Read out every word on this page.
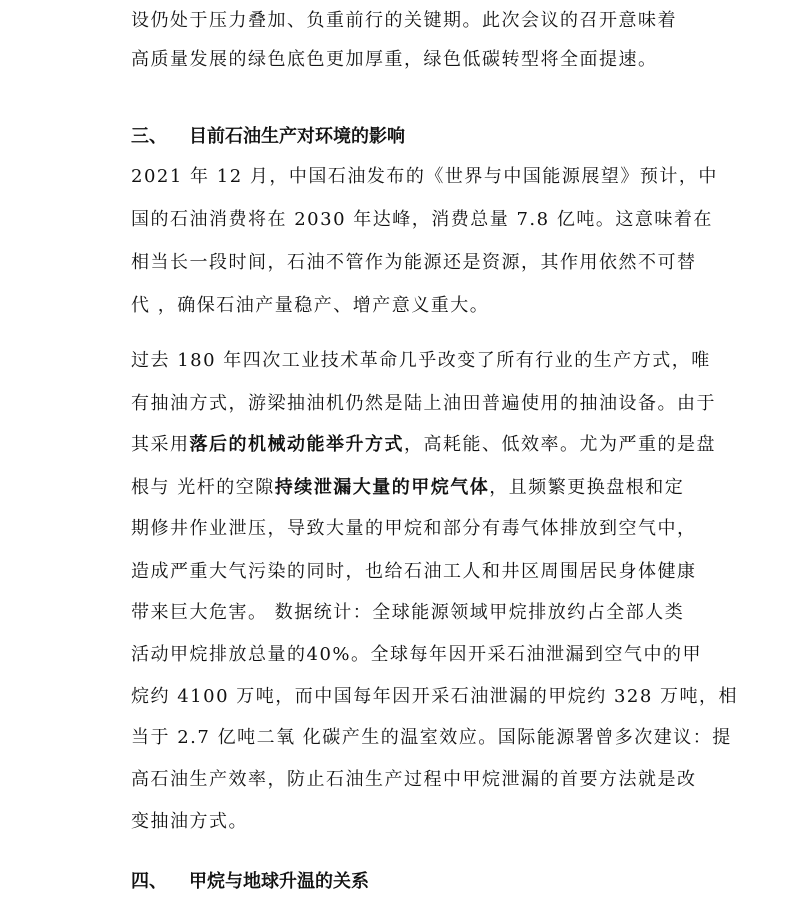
设仍处于压力叠加、负重前行的关键期。此次会议的召开意味着
高质量发展的绿色底色更加厚重，绿色低碳转型将全面提速。
三、 目前石油生产对环境的影响
2021 年 12 月，中国石油发布的《世界与中国能源展望》预计，中
国的石油消费将在 2030 年达峰，消费总量 7.8 亿吨。这意味着在
相当长一段时间，石油不管作为能源还是资源，其作用依然不可替
代 ，确保石油产量稳产、增产意义重大。
过去 180 年四次工业技术革命几乎改变了所有行业的生产方式，唯
有抽油方式，游梁抽油机仍然是陆上油田普遍使用的抽油设备。由于
其采用落后的机械动能举升方式，高耗能、低效率。尤为严重的是盘
根与 光杆的空隙持续泄漏大量的甲烷气体，且频繁更换盘根和定
期修井作业泄压，导致大量的甲烷和部分有毒气体排放到空气中，
造成严重大气污染的同时，也给石油工人和井区周围居民身体健康
带来巨大危害。 数据统计：全球能源领域甲烷排放约占全部人类
活动甲烷排放总量的40%。全球每年因开采石油泄漏到空气中的甲
烷约 4100 万吨，而中国每年因开采石油泄漏的甲烷约 328 万吨，相
当于 2.7 亿吨二氧 化碳产生的温室效应。国际能源署曾多次建议：提
高石油生产效率，防止石油生产过程中甲烷泄漏的首要方法就是改
变抽油方式。
四、 甲烷与地球升温的关系
